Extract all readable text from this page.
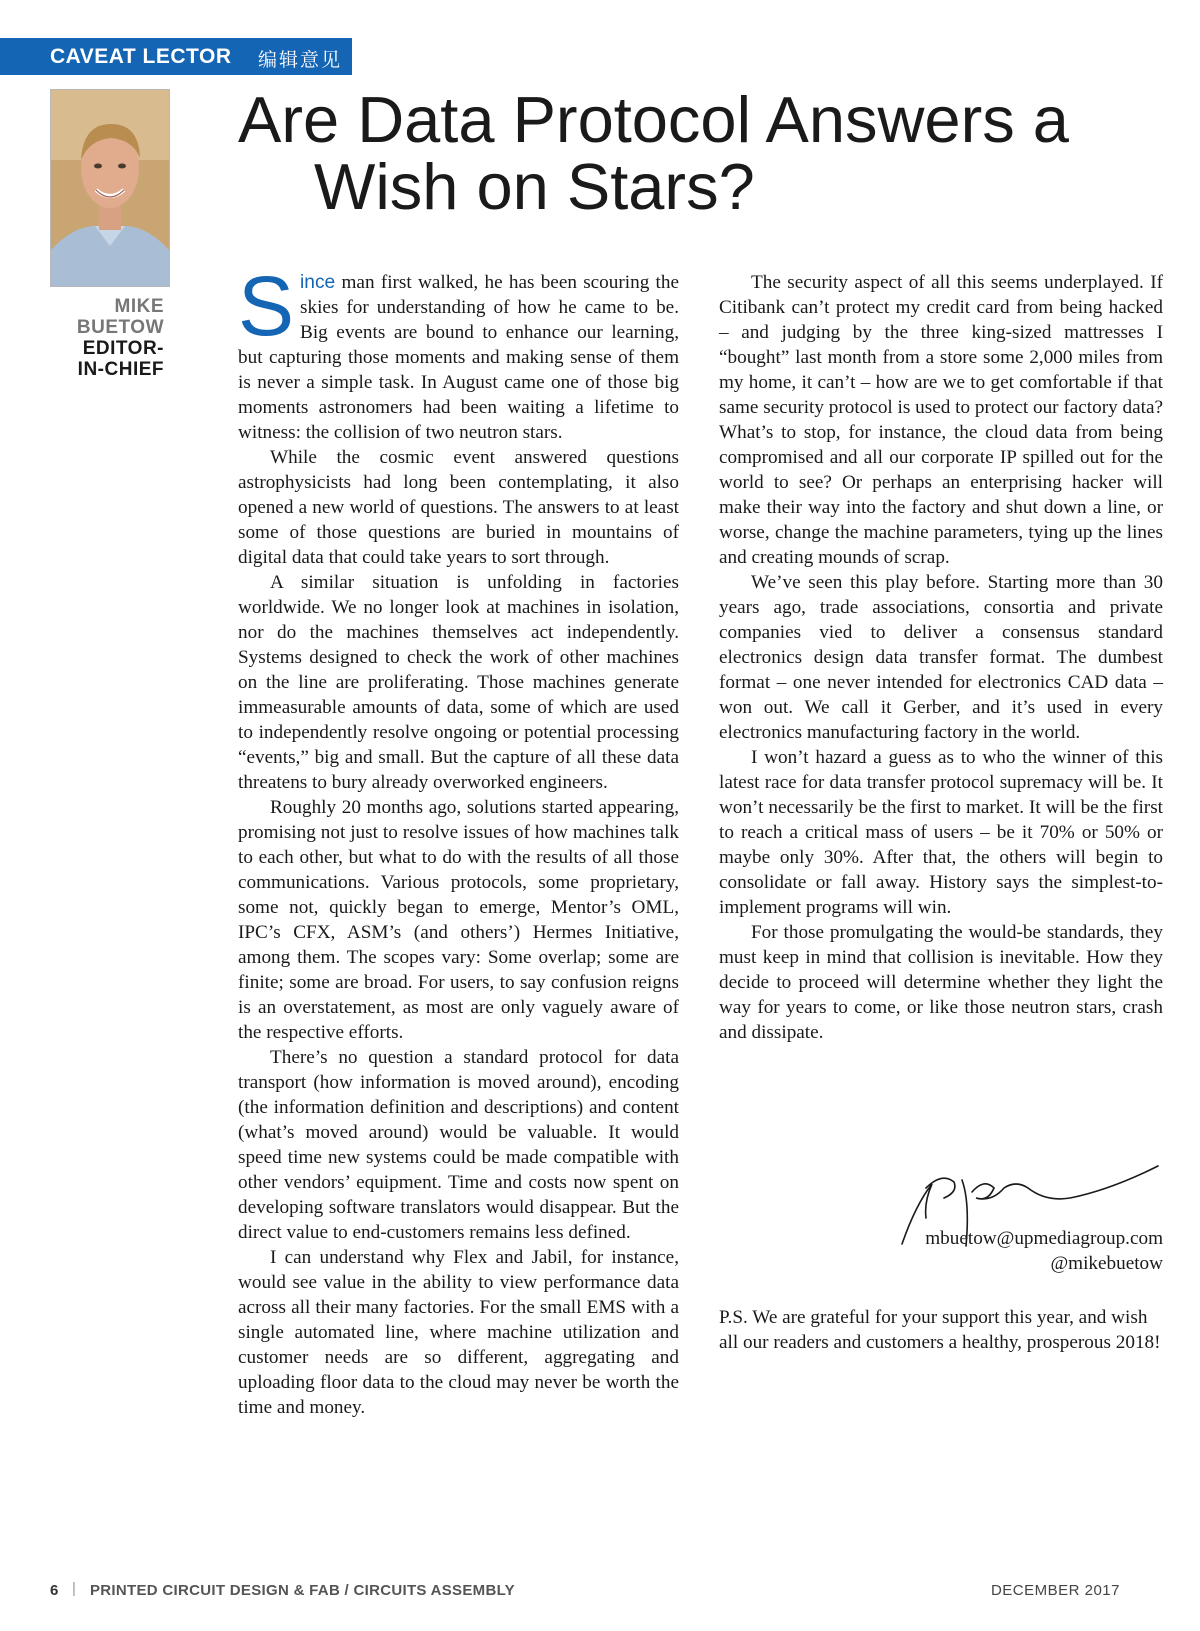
CAVEAT LECTOR 编辑意见
MIKE
BUETOW
EDITOR-
IN-CHIEF
Are Data Protocol Answers a
Wish on Stars?

Since man first walked, he has been scouring the skies for understanding of how he came to be. Big events are bound to enhance our learning, but capturing those moments and making sense of them is never a simple task. In August came one of those big moments astronomers had been waiting a lifetime to witness: the collision of two neutron stars.

While the cosmic event answered questions astrophysicists had long been contemplating, it also opened a new world of questions. The answers to at least some of those questions are buried in mountains of digital data that could take years to sort through.

A similar situation is unfolding in factories worldwide. We no longer look at machines in isolation, nor do the machines themselves act independently. Systems designed to check the work of other machines on the line are proliferating. Those machines generate immeasurable amounts of data, some of which are used to independently resolve ongoing or potential processing “events,” big and small. But the capture of all these data threatens to bury already overworked engineers.

Roughly 20 months ago, solutions started appearing, promising not just to resolve issues of how machines talk to each other, but what to do with the results of all those communications. Various protocols, some proprietary, some not, quickly began to emerge, Mentor’s OML, IPC’s CFX, ASM’s (and others’) Hermes Initiative, among them. The scopes vary: Some overlap; some are finite; some are broad. For users, to say confusion reigns is an overstatement, as most are only vaguely aware of the respective efforts.

There’s no question a standard protocol for data transport (how information is moved around), encoding (the information definition and descriptions) and content (what’s moved around) would be valuable. It would speed time new systems could be made compatible with other vendors’ equipment. Time and costs now spent on developing software translators would disappear. But the direct value to end-customers remains less defined.

I can understand why Flex and Jabil, for instance, would see value in the ability to view performance data across all their many factories. For the small EMS with a single automated line, where machine utilization and customer needs are so different, aggregating and uploading floor data to the cloud may never be worth the time and money.

The security aspect of all this seems underplayed. If Citibank can’t protect my credit card from being hacked – and judging by the three king-sized mattresses I “bought” last month from a store some 2,000 miles from my home, it can’t – how are we to get comfortable if that same security protocol is used to protect our factory data? What’s to stop, for instance, the cloud data from being compromised and all our corporate IP spilled out for the world to see? Or perhaps an enterprising hacker will make their way into the factory and shut down a line, or worse, change the machine parameters, tying up the lines and creating mounds of scrap.

We’ve seen this play before. Starting more than 30 years ago, trade associations, consortia and private companies vied to deliver a consensus standard electronics design data transfer format. The dumbest format – one never intended for electronics CAD data – won out. We call it Gerber, and it’s used in every electronics manufacturing factory in the world.

I won’t hazard a guess as to who the winner of this latest race for data transfer protocol supremacy will be. It won’t necessarily be the first to market. It will be the first to reach a critical mass of users – be it 70% or 50% or maybe only 30%. After that, the others will begin to consolidate or fall away. History says the simplest-to-implement programs will win.

For those promulgating the would-be standards, they must keep in mind that collision is inevitable. How they decide to proceed will determine whether they light the way for years to come, or like those neutron stars, crash and dissipate.

mbuetow@upmediagroup.com
@mikebuetow

P.S. We are grateful for your support this year, and wish all our readers and customers a healthy, prosperous 2018!

6 | PRINTED CIRCUIT DESIGN & FAB / CIRCUITS ASSEMBLY	DECEMBER 2017
